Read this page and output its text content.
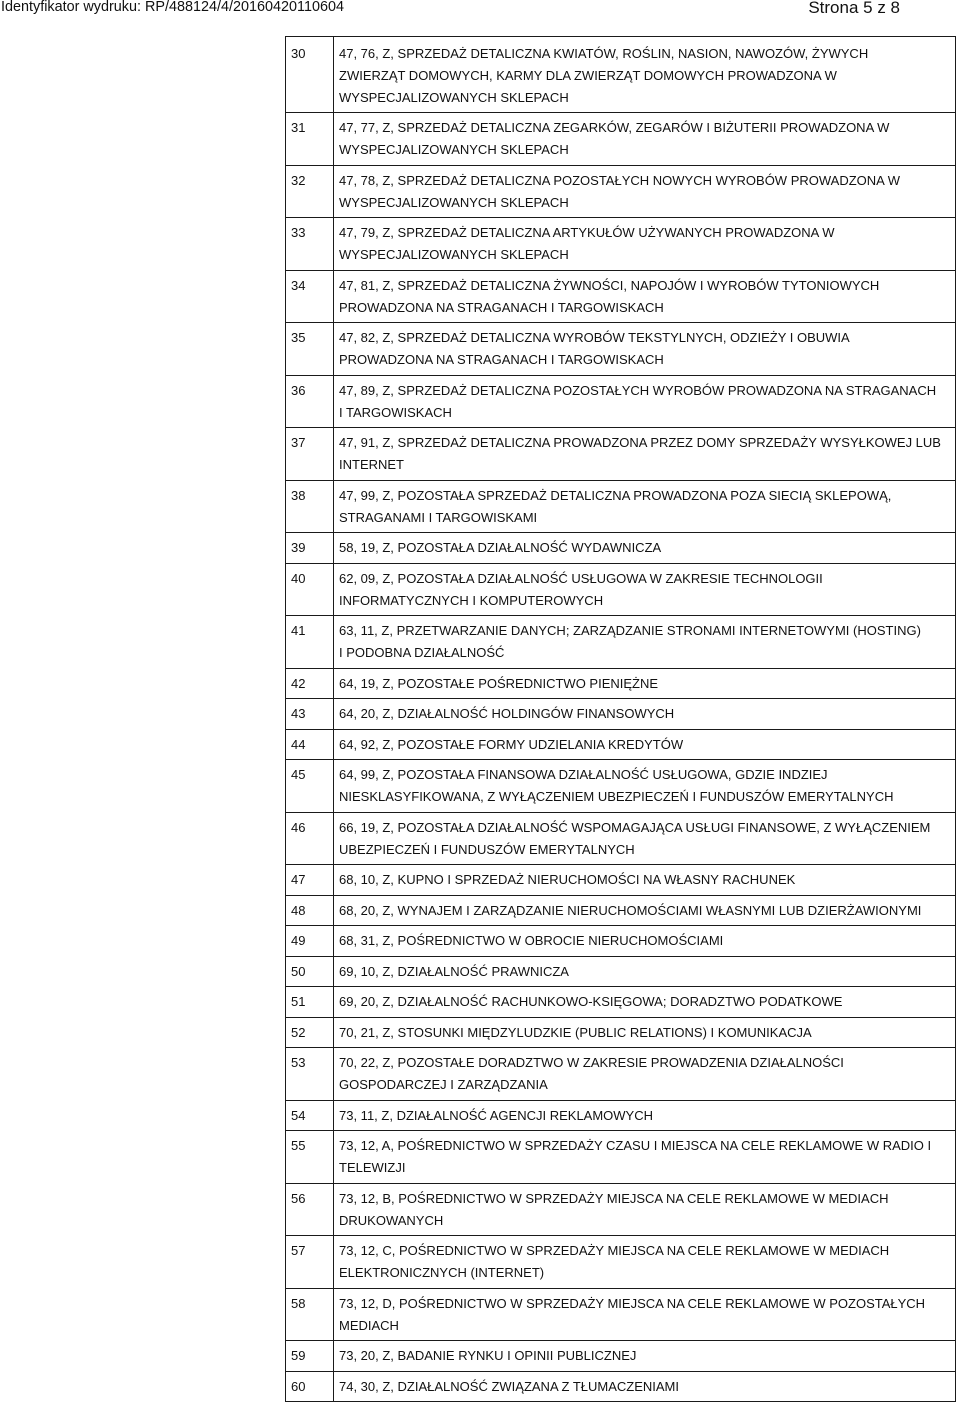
Identyfikator wydruku: RP/488124/4/20160420110604	Strona 5 z 8
30	47, 76, Z, SPRZEDAŻ DETALICZNA KWIATÓW, ROŚLIN, NASION, NAWOZÓW, ŻYWYCH
ZWIERZĄT DOMOWYCH, KARMY DLA ZWIERZĄT DOMOWYCH PROWADZONA W
WYSPECJALIZOWANYCH SKLEPACH
31	47, 77, Z, SPRZEDAŻ DETALICZNA ZEGARKÓW, ZEGARÓW I BIŻUTERII PROWADZONA W
WYSPECJALIZOWANYCH SKLEPACH
32	47, 78, Z, SPRZEDAŻ DETALICZNA POZOSTAŁYCH NOWYCH WYROBÓW PROWADZONA W
WYSPECJALIZOWANYCH SKLEPACH
33	47, 79, Z, SPRZEDAŻ DETALICZNA ARTYKUŁÓW UŻYWANYCH PROWADZONA W
WYSPECJALIZOWANYCH SKLEPACH
34	47, 81, Z, SPRZEDAŻ DETALICZNA ŻYWNOŚCI, NAPOJÓW I WYROBÓW TYTONIOWYCH
PROWADZONA NA STRAGANACH I TARGOWISKACH
35	47, 82, Z, SPRZEDAŻ DETALICZNA WYROBÓW TEKSTYLNYCH, ODZIEŻY I OBUWIA
PROWADZONA NA STRAGANACH I TARGOWISKACH
36	47, 89, Z, SPRZEDAŻ DETALICZNA POZOSTAŁYCH WYROBÓW PROWADZONA NA STRAGANACH
I TARGOWISKACH
37	47, 91, Z, SPRZEDAŻ DETALICZNA PROWADZONA PRZEZ DOMY SPRZEDAŻY WYSYŁKOWEJ LUB
INTERNET
38	47, 99, Z, POZOSTAŁA SPRZEDAŻ DETALICZNA PROWADZONA POZA SIECIĄ SKLEPOWĄ,
STRAGANAMI I TARGOWISKAMI
39	58, 19, Z, POZOSTAŁA DZIAŁALNOŚĆ WYDAWNICZA
40	62, 09, Z, POZOSTAŁA DZIAŁALNOŚĆ USŁUGOWA W ZAKRESIE TECHNOLOGII
INFORMATYCZNYCH I KOMPUTEROWYCH
41	63, 11, Z, PRZETWARZANIE DANYCH; ZARZĄDZANIE STRONAMI INTERNETOWYMI (HOSTING)
I PODOBNA DZIAŁALNOŚĆ
42	64, 19, Z, POZOSTAŁE POŚREDNICTWO PIENIĘŻNE
43	64, 20, Z, DZIAŁALNOŚĆ HOLDINGÓW FINANSOWYCH
44	64, 92, Z, POZOSTAŁE FORMY UDZIELANIA KREDYTÓW
45	64, 99, Z, POZOSTAŁA FINANSOWA DZIAŁALNOŚĆ USŁUGOWA, GDZIE INDZIEJ
NIESKLASYFIKOWANA, Z WYŁĄCZENIEM UBEZPIECZEŃ I FUNDUSZÓW EMERYTALNYCH
46	66, 19, Z, POZOSTAŁA DZIAŁALNOŚĆ WSPOMAGAJĄCA USŁUGI FINANSOWE, Z WYŁĄCZENIEM
UBEZPIECZEŃ I FUNDUSZÓW EMERYTALNYCH
47	68, 10, Z, KUPNO I SPRZEDAŻ NIERUCHOMOŚCI NA WŁASNY RACHUNEK
48	68, 20, Z, WYNAJEM I ZARZĄDZANIE NIERUCHOMOŚCIAMI WŁASNYMI LUB DZIERŻAWIONYMI
49	68, 31, Z, POŚREDNICTWO W OBROCIE NIERUCHOMOŚCIAMI
50	69, 10, Z, DZIAŁALNOŚĆ PRAWNICZA
51	69, 20, Z, DZIAŁALNOŚĆ RACHUNKOWO-KSIĘGOWA; DORADZTWO PODATKOWE
52	70, 21, Z, STOSUNKI MIĘDZYLUDZKIE (PUBLIC RELATIONS) I KOMUNIKACJA
53	70, 22, Z, POZOSTAŁE DORADZTWO W ZAKRESIE PROWADZENIA DZIAŁALNOŚCI
GOSPODARCZEJ I ZARZĄDZANIA
54	73, 11, Z, DZIAŁALNOŚĆ AGENCJI REKLAMOWYCH
55	73, 12, A, POŚREDNICTWO W SPRZEDAŻY CZASU I MIEJSCA NA CELE REKLAMOWE W RADIO I
TELEWIZJI
56	73, 12, B, POŚREDNICTWO W SPRZEDAŻY MIEJSCA NA CELE REKLAMOWE W MEDIACH
DRUKOWANYCH
57	73, 12, C, POŚREDNICTWO W SPRZEDAŻY MIEJSCA NA CELE REKLAMOWE W MEDIACH
ELEKTRONICZNYCH (INTERNET)
58	73, 12, D, POŚREDNICTWO W SPRZEDAŻY MIEJSCA NA CELE REKLAMOWE W POZOSTAŁYCH
MEDIACH
59	73, 20, Z, BADANIE RYNKU I OPINII PUBLICZNEJ
60	74, 30, Z, DZIAŁALNOŚĆ ZWIĄZANA Z TŁUMACZENIAMI
